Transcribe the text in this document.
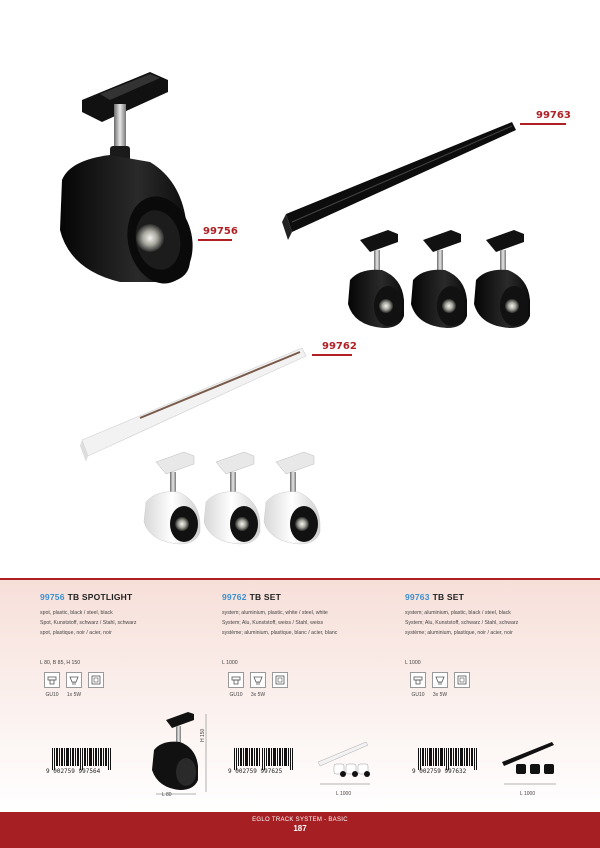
99756
99763
99762
99756 TB SPOTLIGHT
spot, plastic, black / steel, black
Spot, Kunststoff, schwarz / Stahl, schwarz
spot, plastique, noir / acier, noir
L 80, B 85, H 150
99762 TB SET
system; aluminium, plastic, white / steel, white
System; Alu, Kunststoff, weiss / Stahl, weiss
système; aluminium, plastique, blanc / acier, blanc
L 1000
99763 TB SET
system; aluminium, plastic, black / steel, black
System; Alu, Kunststoff, schwarz / Stahl, schwarz
système; aluminium, plastique, noir / acier, noir
L 1000
GU10 1x 5W	GU10 3x 5W	GU10 3x 5W
9 002759 997564	9 002759 997625	9 002759 997632
L 80
H 150
L 1000	L 1000
EGLO TRACK SYSTEM - BASIC
187
